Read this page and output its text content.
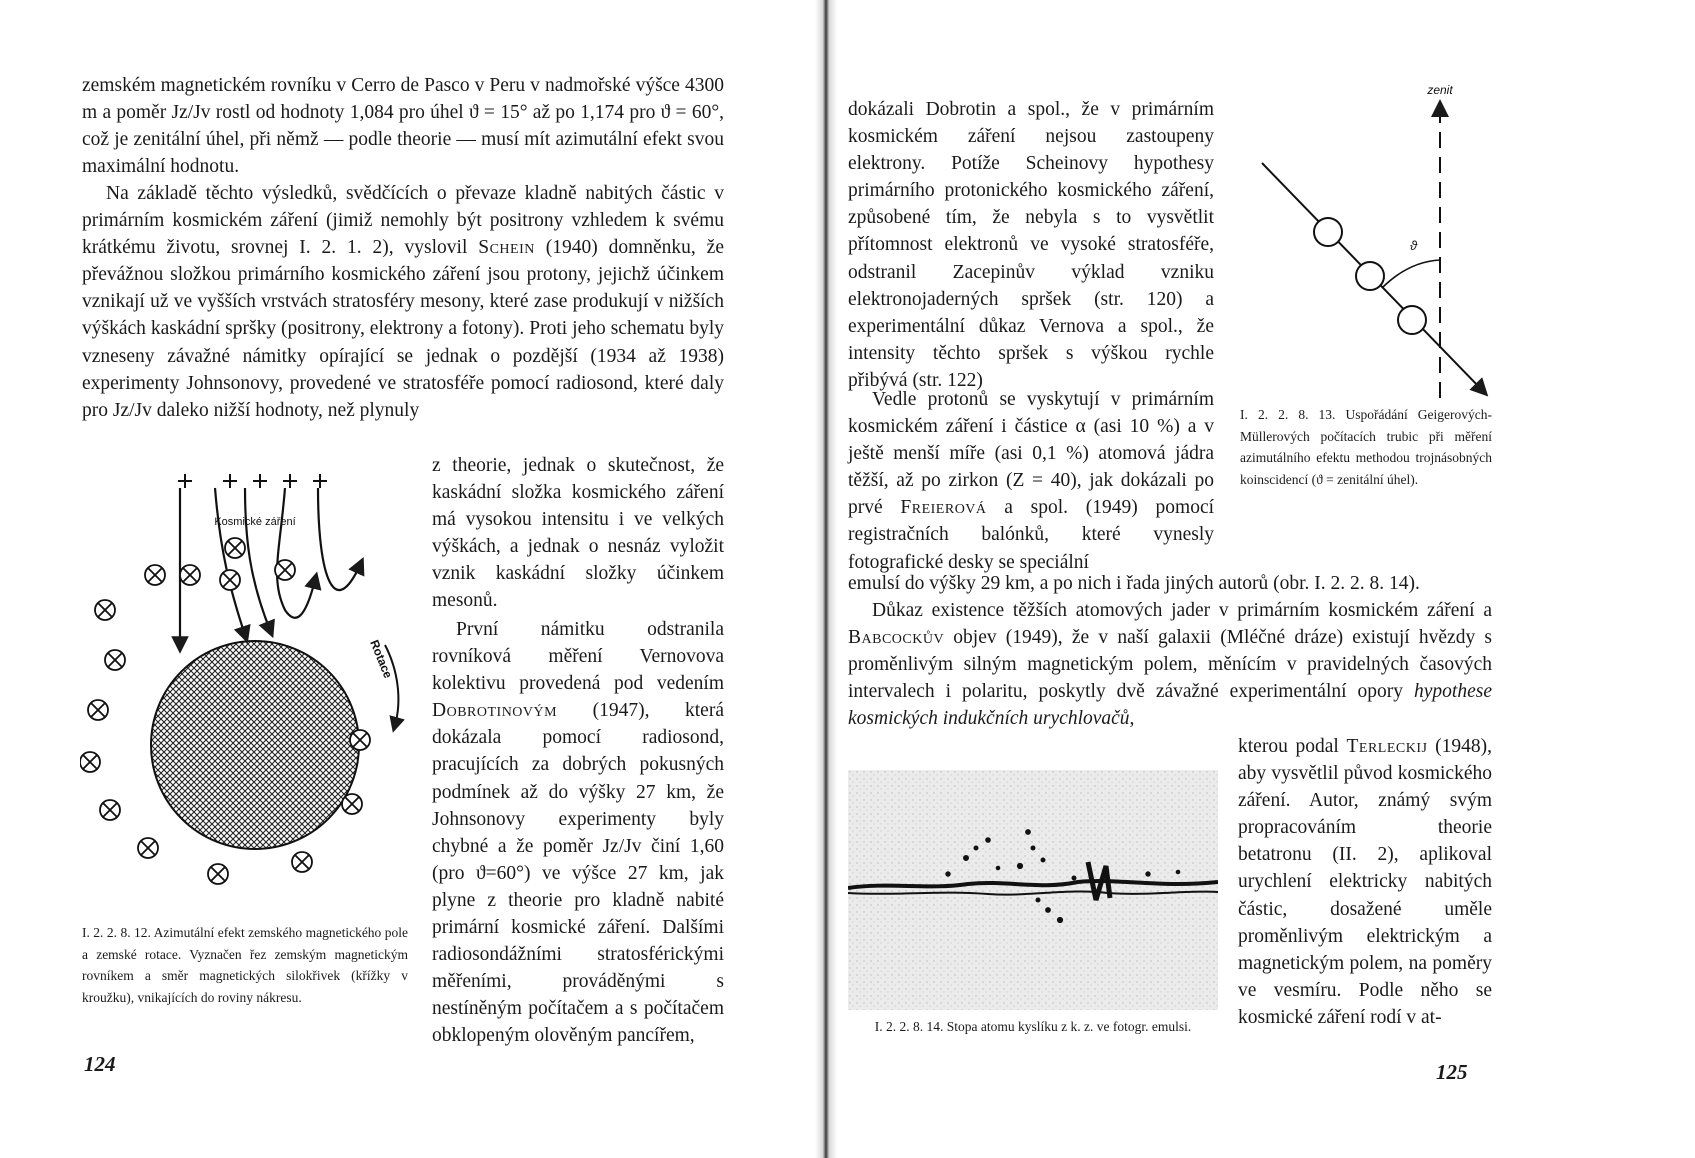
zemském magnetickém rovníku v Cerro de Pasco v Peru v nadmořské výšce 4300 m a poměr Jz/Jv rostl od hodnoty 1,084 pro úhel ϑ = 15° až po 1,174 pro ϑ = 60°, což je zenitální úhel, při němž — podle theorie — musí mít azimutální efekt svou maximální hodnotu.

Na základě těchto výsledků, svědčících o převaze kladně nabitých částic v primárním kosmickém záření (jimiž nemohly být positrony vzhledem k svému krátkému životu, srovnej I. 2. 1. 2), vyslovil Schein (1940) domněnku, že převážnou složkou primárního kosmického záření jsou protony, jejichž účinkem vznikají už ve vyšších vrstvách stratosféry mesony, které zase produkují v nižších výškách kaskádní spršky (positrony, elektrony a fotony). Proti jeho schematu byly vzneseny závažné námitky opírající se jednak o pozdější (1934 až 1938) experimenty Johnsonovy, provedené ve stratosféře pomocí radiosond, které daly pro Jz/Jv daleko nižší hodnoty, než plynuly

z theorie, jednak o skutečnost, že kaskádní složka kosmického záření má vysokou intensitu i ve velkých výškách, a jednak o nesnáz vyložit vznik kaskádní složky účinkem mesonů.

První námitku odstranila rovníková měření Vernovova kolektivu provedená pod vedením Dobrotinovým (1947), která dokázala pomocí radiosond, pracujících za dobrých pokusných podmínek až do výšky 27 km, že Johnsonovy experimenty byly chybné a že poměr Jz/Jv činí 1,60 (pro ϑ=60°) ve výšce 27 km, jak plyne z theorie pro kladně nabité primární kosmické záření. Dalšími radiosondážními stratosférickými měřeními, prováděnými s nestíněným počítačem a s počítačem obklopeným olověným pancířem,

Kosmické záření
Rotace
I. 2. 2. 8. 12. Azimutální efekt zemského magnetického pole a zemské rotace. Vyznačen řez zemským magnetickým rovníkem a směr magnetických silokřivek (křížky v kroužku), vnikajících do roviny nákresu.
124

dokázali Dobrotin a spol., že v primárním kosmickém záření nejsou zastoupeny elektrony. Potíže Scheinovy hypothesy primárního protonického kosmického záření, způsobené tím, že nebyla s to vysvětlit přítomnost elektronů ve vysoké stratosféře, odstranil Zacepinův výklad vzniku elektronojaderných spršek (str. 120) a experimentální důkaz Vernova a spol., že intensity těchto spršek s výškou rychle přibývá (str. 122)

Vedle protonů se vyskytují v primárním kosmickém záření i částice α (asi 10 %) a v ještě menší míře (asi 0,1 %) atomová jádra těžší, až po zirkon (Z = 40), jak dokázali po prvé Freierová a spol. (1949) pomocí registračních balónků, které vynesly fotografické desky se speciální

emulsí do výšky 29 km, a po nich i řada jiných autorů (obr. I. 2. 2. 8. 14).

Důkaz existence těžších atomových jader v primárním kosmickém záření a Babcockův objev (1949), že v naší galaxii (Mléčné dráze) existují hvězdy s proměnlivým silným magnetickým polem, měnícím v pravidelných časových intervalech i polaritu, poskytly dvě závažné experimentální opory hypothese kosmických indukčních urychlovačů,

kterou podal Terleckij (1948), aby vysvětlil původ kosmického záření. Autor, známý svým propracováním theorie betatronu (II. 2), aplikoval urychlení elektricky nabitých částic, dosažené uměle proměnlivým elektrickým a magnetickým polem, na poměry ve vesmíru. Podle něho se kosmické záření rodí v at-

zenit
ϑ
I. 2. 2. 8. 13. Uspořádání Geigerových-Müllerových počítacích trubic při měření azimutálního efektu methodou trojnásobných koinscidencí (ϑ = zenitální úhel).
I. 2. 2. 8. 14. Stopa atomu kyslíku z k. z. ve fotogr. emulsi.
125
